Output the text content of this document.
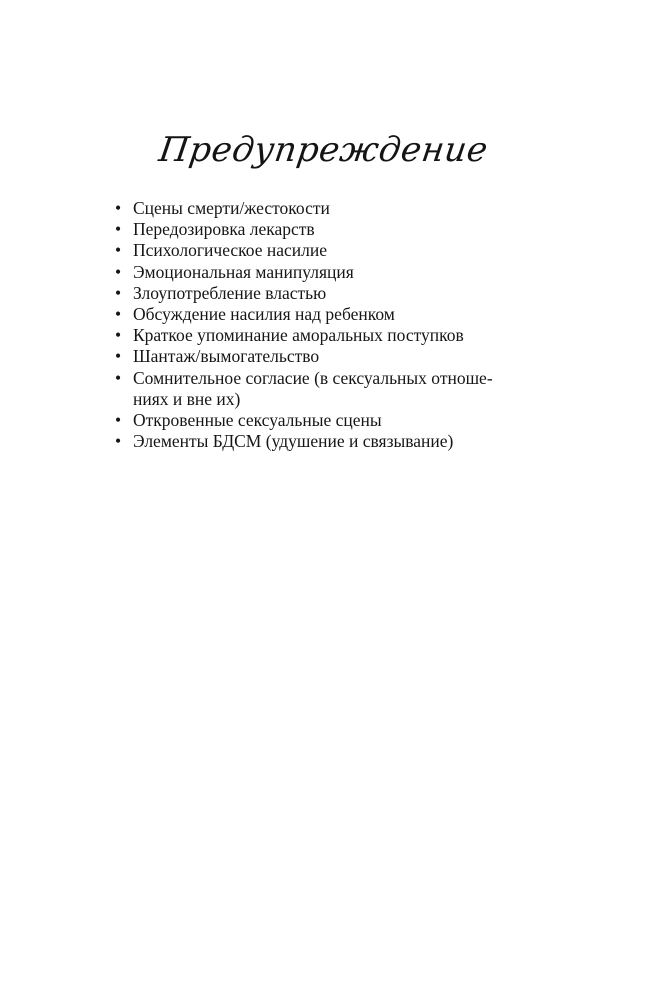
Предупреждение
• Сцены смерти/жестокости
• Передозировка лекарств
• Психологическое насилие
• Эмоциональная манипуляция
• Злоупотребление властью
• Обсуждение насилия над ребенком
• Краткое упоминание аморальных поступков
• Шантаж/вымогательство
• Сомнительное согласие (в сексуальных отноше-
ниях и вне их)
• Откровенные сексуальные сцены
• Элементы БДСМ (удушение и связывание)
